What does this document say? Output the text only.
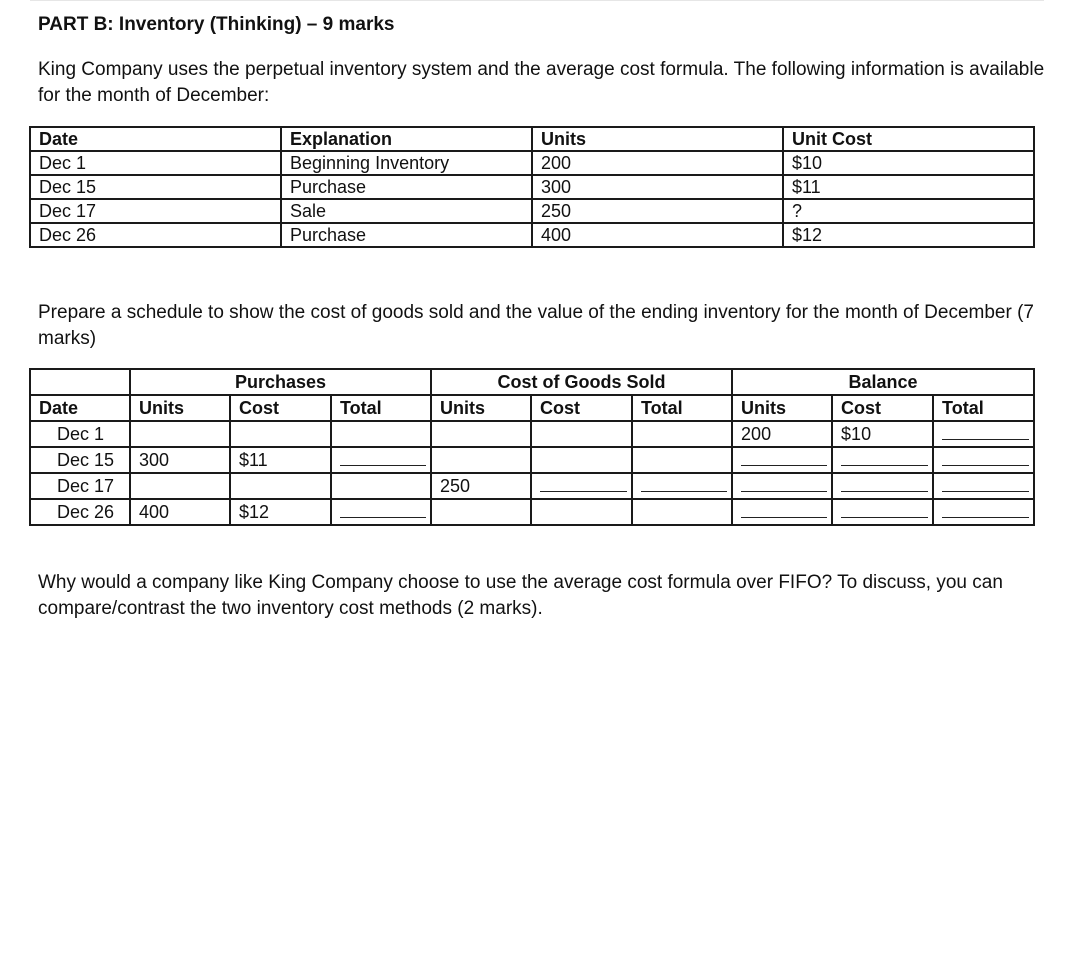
PART B: Inventory (Thinking) – 9 marks
King Company uses the perpetual inventory system and the average cost formula. The following information is available for the month of December:
Date	Explanation	Units	Unit Cost
Dec 1	Beginning Inventory	200	$10
Dec 15	Purchase	300	$11
Dec 17	Sale	250	?
Dec 26	Purchase	400	$12
Prepare a schedule to show the cost of goods sold and the value of the ending inventory for the month of December (7 marks)
	Purchases			Cost of Goods Sold			Balance		
Date	Units	Cost	Total	Units	Cost	Total	Units	Cost	Total
Dec 1							200	$10	

Dec 15	300	$11	

Dec 17				250	

Dec 26	400	$12	

Why would a company like King Company choose to use the average cost formula over FIFO? To discuss, you can compare/contrast the two inventory cost methods (2 marks).
